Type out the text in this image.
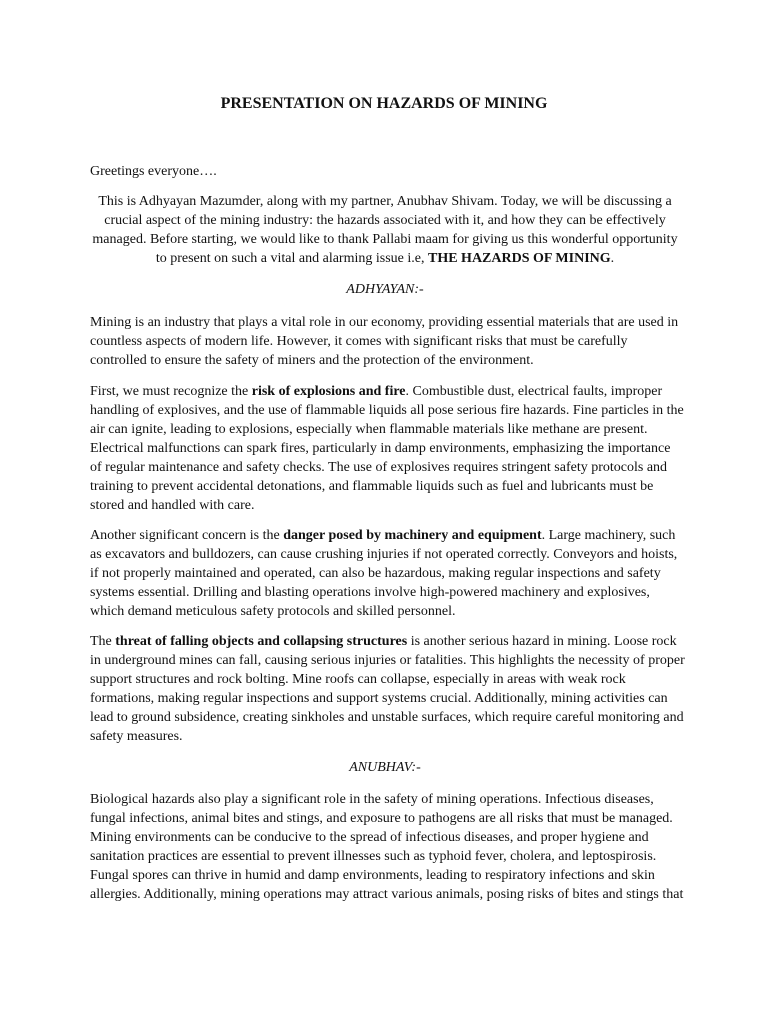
PRESENTATION ON HAZARDS OF MINING
Greetings everyone….
This is Adhyayan Mazumder, along with my partner, Anubhav Shivam. Today, we will be discussing a
crucial aspect of the mining industry: the hazards associated with it, and how they can be effectively
managed. Before starting, we would like to thank Pallabi maam for giving us this wonderful opportunity
to present on such a vital and alarming issue i.e, THE HAZARDS OF MINING.
ADHYAYAN:-
Mining is an industry that plays a vital role in our economy, providing essential materials that are used in
countless aspects of modern life. However, it comes with significant risks that must be carefully
controlled to ensure the safety of miners and the protection of the environment.
First, we must recognize the risk of explosions and fire. Combustible dust, electrical faults, improper
handling of explosives, and the use of flammable liquids all pose serious fire hazards. Fine particles in the
air can ignite, leading to explosions, especially when flammable materials like methane are present.
Electrical malfunctions can spark fires, particularly in damp environments, emphasizing the importance
of regular maintenance and safety checks. The use of explosives requires stringent safety protocols and
training to prevent accidental detonations, and flammable liquids such as fuel and lubricants must be
stored and handled with care.
Another significant concern is the danger posed by machinery and equipment. Large machinery, such
as excavators and bulldozers, can cause crushing injuries if not operated correctly. Conveyors and hoists,
if not properly maintained and operated, can also be hazardous, making regular inspections and safety
systems essential. Drilling and blasting operations involve high-powered machinery and explosives,
which demand meticulous safety protocols and skilled personnel.
The threat of falling objects and collapsing structures is another serious hazard in mining. Loose rock
in underground mines can fall, causing serious injuries or fatalities. This highlights the necessity of proper
support structures and rock bolting. Mine roofs can collapse, especially in areas with weak rock
formations, making regular inspections and support systems crucial. Additionally, mining activities can
lead to ground subsidence, creating sinkholes and unstable surfaces, which require careful monitoring and
safety measures.
ANUBHAV:-
Biological hazards also play a significant role in the safety of mining operations. Infectious diseases,
fungal infections, animal bites and stings, and exposure to pathogens are all risks that must be managed.
Mining environments can be conducive to the spread of infectious diseases, and proper hygiene and
sanitation practices are essential to prevent illnesses such as typhoid fever, cholera, and leptospirosis.
Fungal spores can thrive in humid and damp environments, leading to respiratory infections and skin
allergies. Additionally, mining operations may attract various animals, posing risks of bites and stings that
